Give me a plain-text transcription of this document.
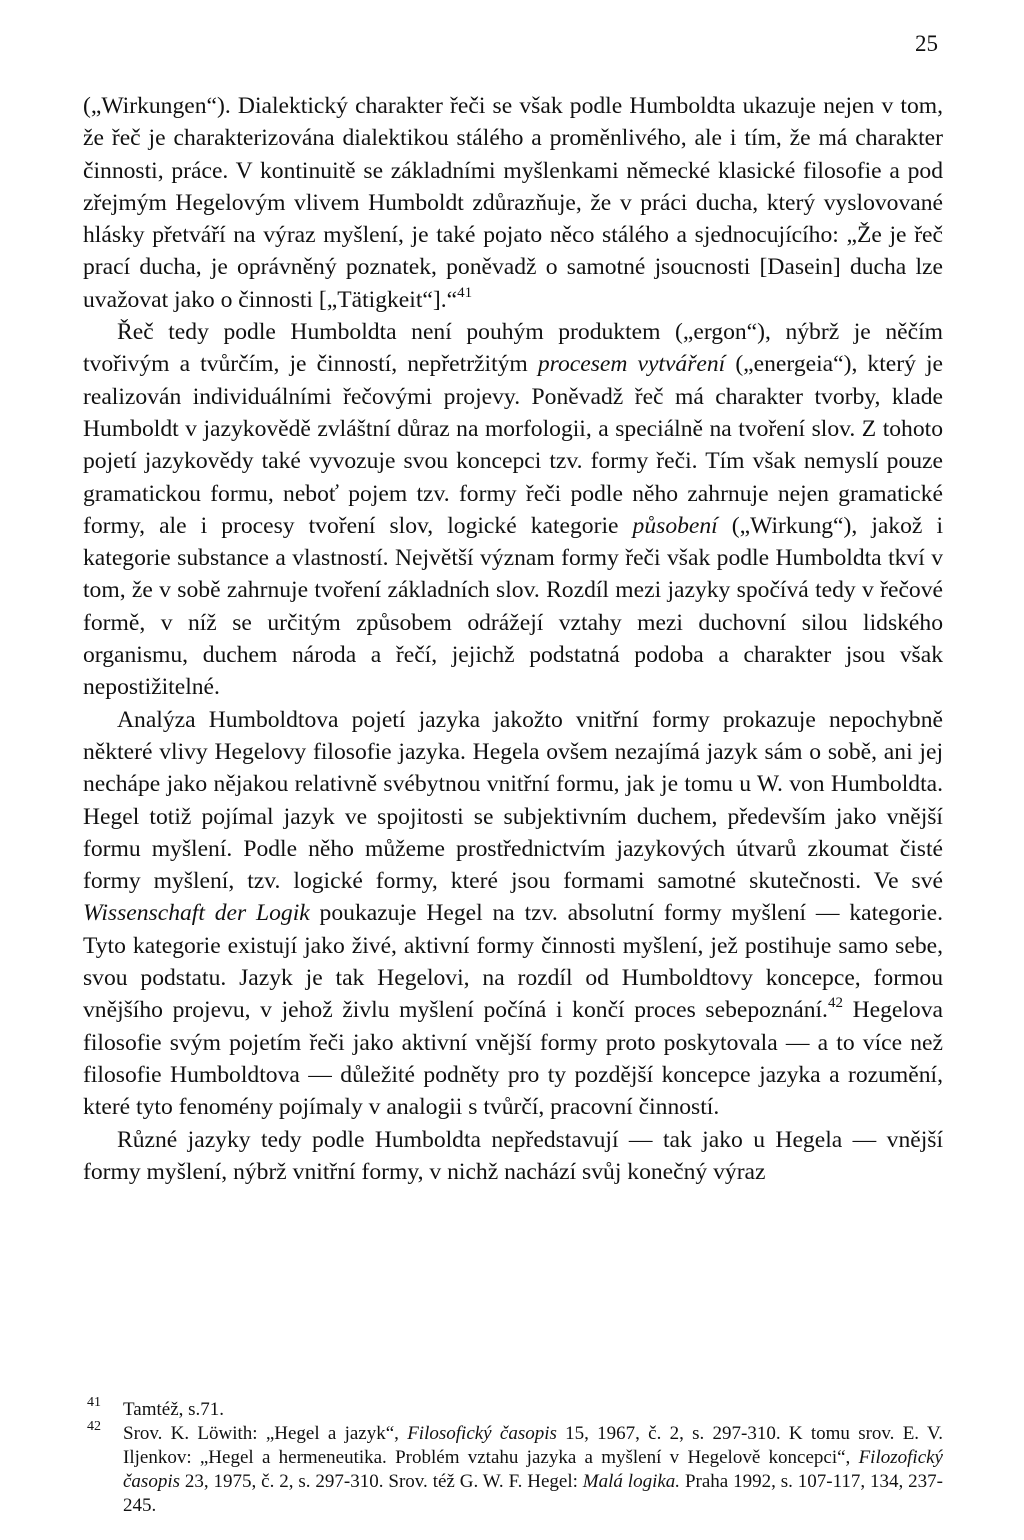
25

(„Wirkungen“). Dialektický charakter řeči se však podle Humboldta ukazuje nejen v tom, že řeč je charakterizována dialektikou stálého a proměnlivého, ale i tím, že má charakter činnosti, práce. V kontinuitě se základními myšlenkami německé klasické filosofie a pod zřejmým Hegelovým vlivem Humboldt zdůrazňuje, že v práci ducha, který vyslovované hlásky přetváří na výraz myšlení, je také pojato něco stálého a sjednocujícího: „Že je řeč prací ducha, je oprávněný poznatek, poněvadž o samotné jsoucnosti [Dasein] ducha lze uvažovat jako o činnosti [„Tätigkeit“].“$^{41}$

Řeč tedy podle Humboldta není pouhým produktem („ergon“), nýbrž je něčím tvořivým a tvůrčím, je činností, nepřetržitým procesem vytváření („energeia“), který je realizován individuálními řečovými projevy. Poněvadž řeč má charakter tvorby, klade Humboldt v jazykovědě zvláštní důraz na morfologii, a speciálně na tvoření slov. Z tohoto pojetí jazykovědy také vyvozuje svou koncepci tzv. formy řeči. Tím však nemyslí pouze gramatickou formu, neboť pojem tzv. formy řeči podle něho zahrnuje nejen gramatické formy, ale i procesy tvoření slov, logické kategorie působení („Wirkung“), jakož i kategorie substance a vlastností. Největší význam formy řeči však podle Humboldta tkví v tom, že v sobě zahrnuje tvoření základních slov. Rozdíl mezi jazyky spočívá tedy v řečové formě, v níž se určitým způsobem odrážejí vztahy mezi duchovní silou lidského organismu, duchem národa a řečí, jejichž podstatná podoba a charakter jsou však nepostižitelné.

Analýza Humboldtova pojetí jazyka jakožto vnitřní formy prokazuje nepochybně některé vlivy Hegelovy filosofie jazyka. Hegela ovšem nezajímá jazyk sám o sobě, ani jej nechápe jako nějakou relativně svébytnou vnitřní formu, jak je tomu u W. von Humboldta. Hegel totiž pojímal jazyk ve spojitosti se subjektivním duchem, především jako vnější formu myšlení. Podle něho můžeme prostřednictvím jazykových útvarů zkoumat čisté formy myšlení, tzv. logické formy, které jsou formami samotné skutečnosti. Ve své Wissenschaft der Logik poukazuje Hegel na tzv. absolutní formy myšlení — kategorie. Tyto kategorie existují jako živé, aktivní formy činnosti myšlení, jež postihuje samo sebe, svou podstatu. Jazyk je tak Hegelovi, na rozdíl od Humboldtovy koncepce, formou vnějšího projevu, v jehož živlu myšlení počíná i končí proces sebepoznání.$^{42}$ Hegelova filosofie svým pojetím řeči jako aktivní vnější formy proto poskytovala — a to více než filosofie Humboldtova — důležité podněty pro ty pozdější koncepce jazyka a rozumění, které tyto fenomény pojímaly v analogii s tvůrčí, pracovní činností.

Různé jazyky tedy podle Humboldta nepředstavují — tak jako u Hegela — vnější formy myšlení, nýbrž vnitřní formy, v nichž nachází svůj konečný výraz

41 Tamtéž, s.71.
42 Srov. K. Löwith: „Hegel a jazyk“, Filosofický časopis 15, 1967, č. 2, s. 297-310. K tomu srov. E. V. Iljenkov: „Hegel a hermeneutika. Problém vztahu jazyka a myšlení v Hegelově koncepci“, Filozofický časopis 23, 1975, č. 2, s. 297-310. Srov. též G. W. F. Hegel: Malá logika. Praha 1992, s. 107-117, 134, 237-245.
